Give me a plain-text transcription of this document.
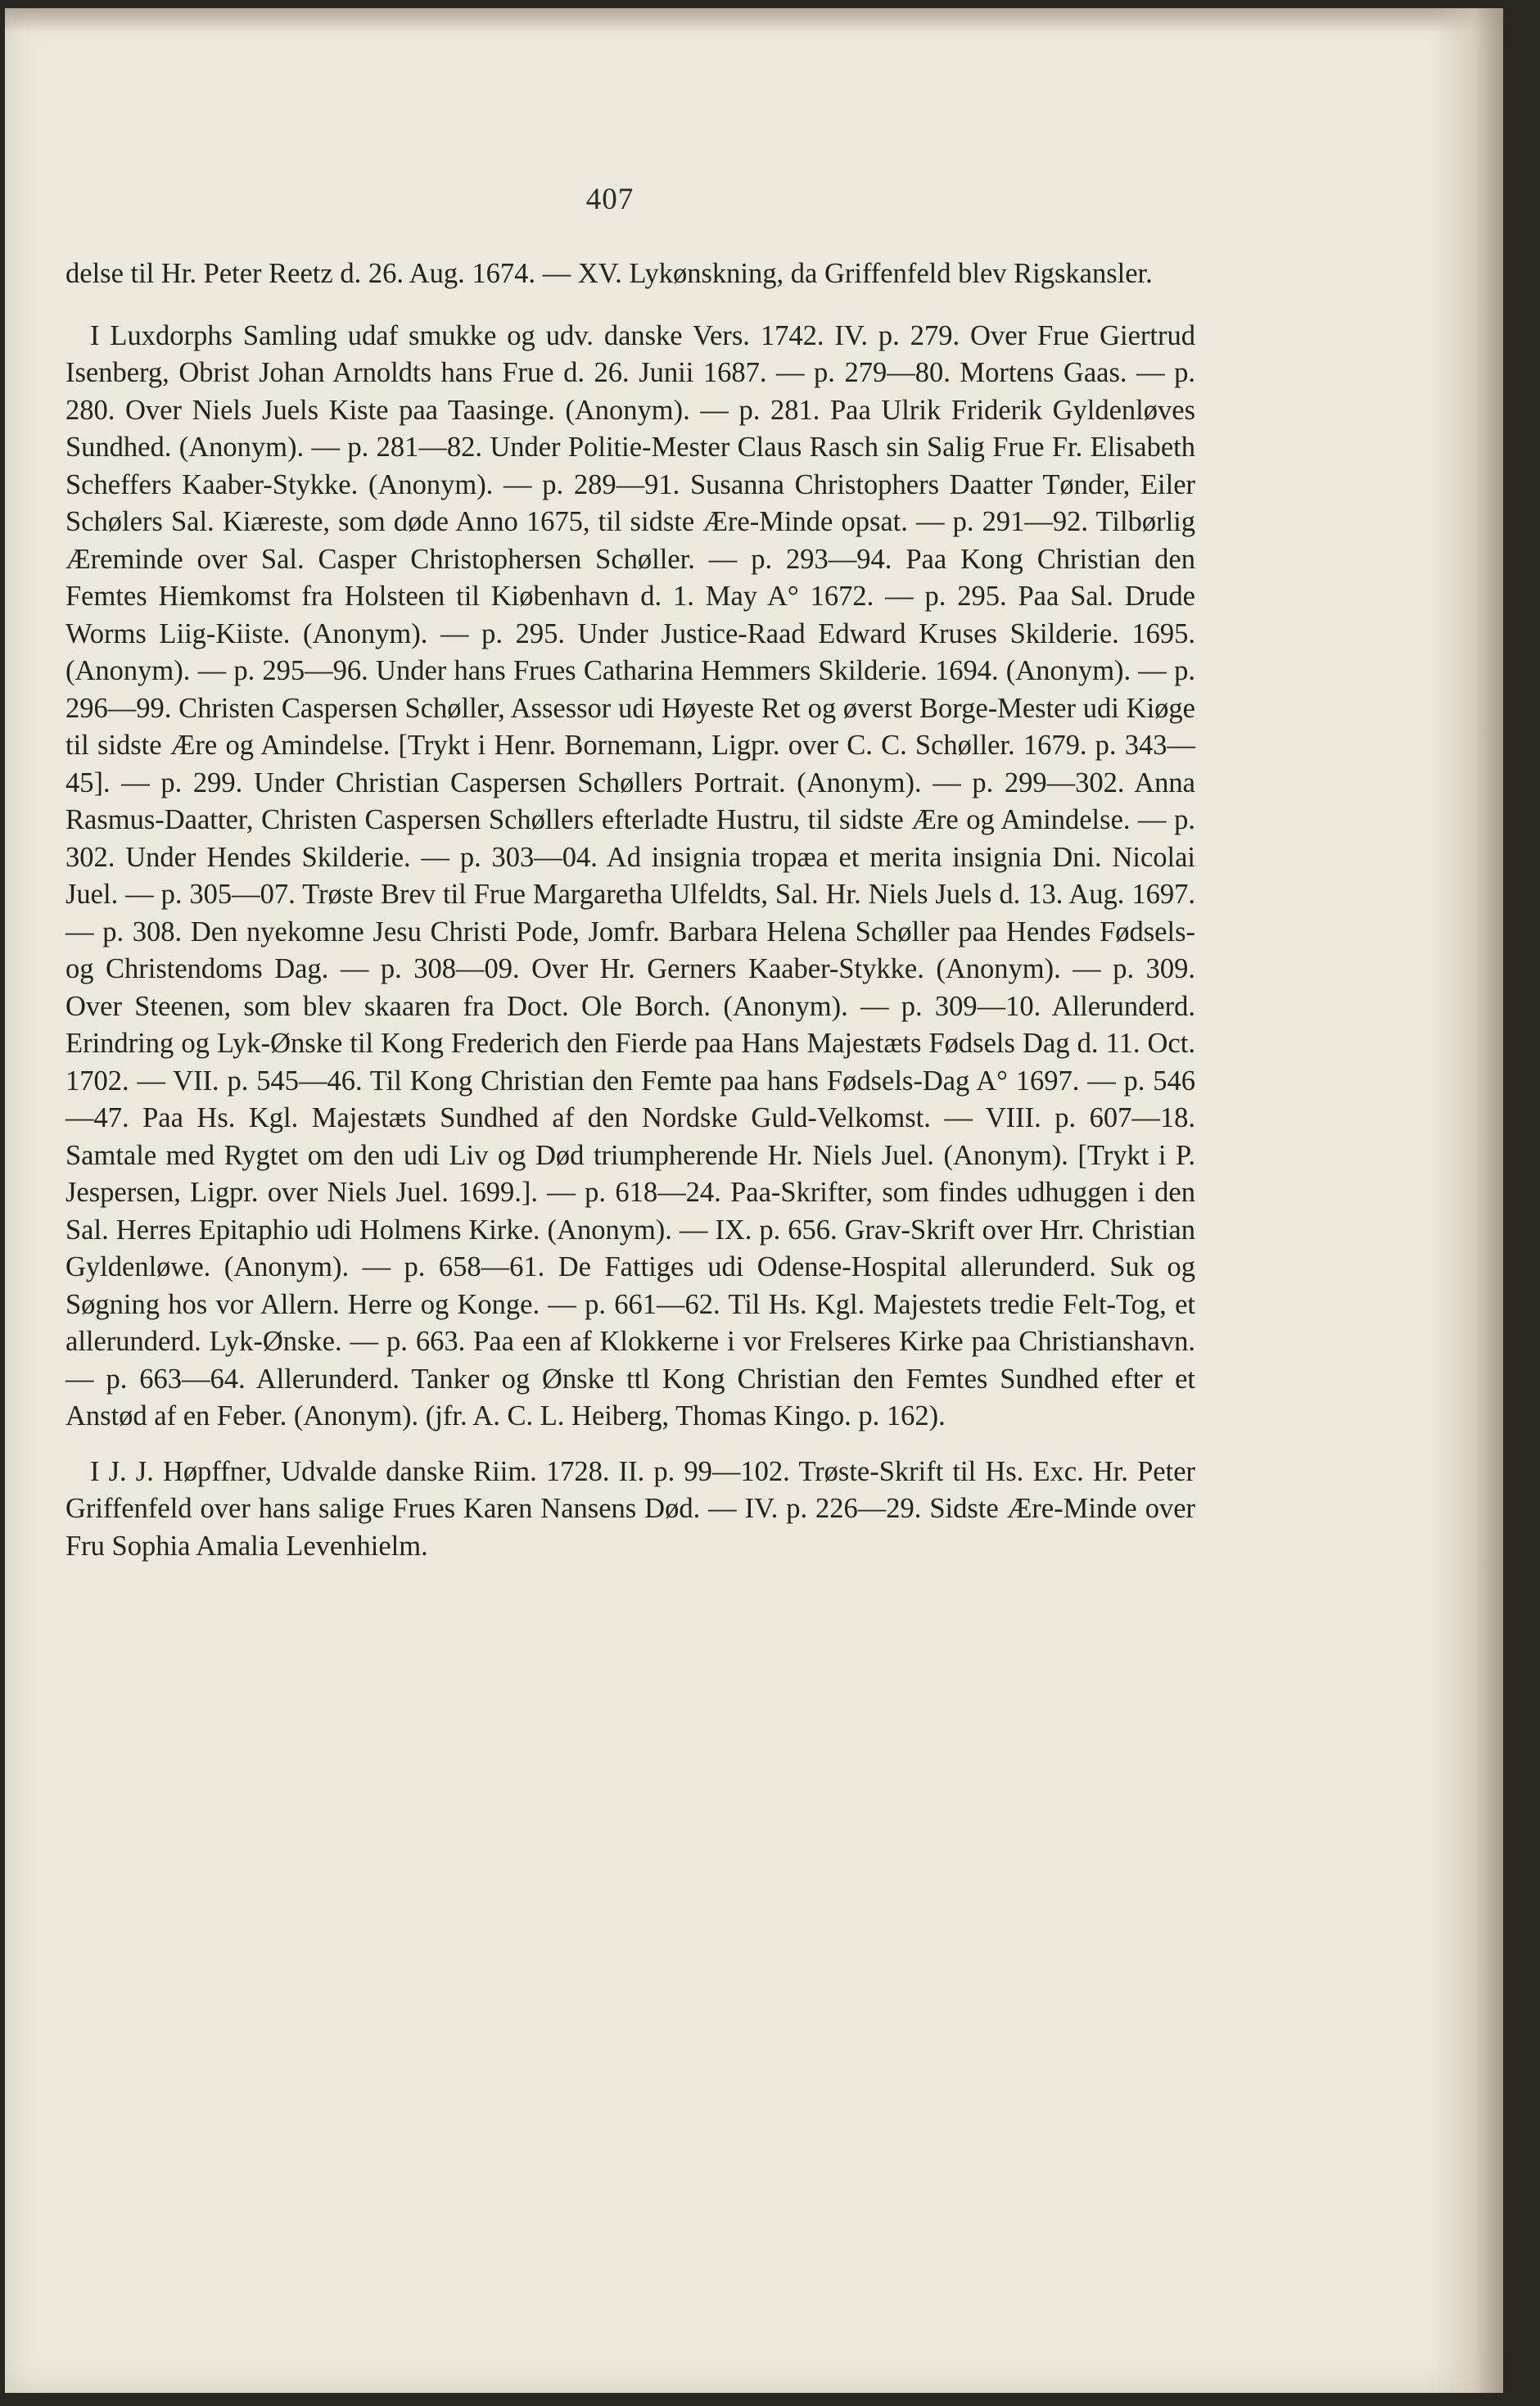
407

delse til Hr. Peter Reetz d. 26. Aug. 1674. — XV. Lykønskning, da Griffenfeld blev Rigskansler.

I Luxdorphs Samling udaf smukke og udv. danske Vers. 1742. IV. p. 279. Over Frue Giertrud Isenberg, Obrist Johan Arnoldts hans Frue d. 26. Junii 1687. — p. 279—80. Mortens Gaas. — p. 280. Over Niels Juels Kiste paa Taasinge. (Anonym). — p. 281. Paa Ulrik Friderik Gyldenløves Sundhed. (Anonym). — p. 281—82. Under Politie-Mester Claus Rasch sin Salig Frue Fr. Elisabeth Scheffers Kaaber-Stykke. (Anonym). — p. 289—91. Susanna Christophers Daatter Tønder, Eiler Schølers Sal. Kiæreste, som døde Anno 1675, til sidste Ære-Minde opsat. — p. 291—92. Tilbørlig Æreminde over Sal. Casper Christophersen Schøller. — p. 293—94. Paa Kong Christian den Femtes Hiemkomst fra Holsteen til Kiøbenhavn d. 1. May A° 1672. — p. 295. Paa Sal. Drude Worms Liig-Kiiste. (Anonym). — p. 295. Under Justice-Raad Edward Kruses Skilderie. 1695. (Anonym). — p. 295—96. Under hans Frues Catharina Hemmers Skilderie. 1694. (Anonym). — p. 296—99. Christen Caspersen Schøller, Assessor udi Høyeste Ret og øverst Borge-Mester udi Kiøge til sidste Ære og Amindelse. [Trykt i Henr. Bornemann, Ligpr. over C. C. Schøller. 1679. p. 343—45]. — p. 299. Under Christian Caspersen Schøllers Portrait. (Anonym). — p. 299—302. Anna Rasmus-Daatter, Christen Caspersen Schøllers efterladte Hustru, til sidste Ære og Amindelse. — p. 302. Under Hendes Skilderie. — p. 303—04. Ad insignia tropæa et merita insignia Dni. Nicolai Juel. — p. 305—07. Trøste Brev til Frue Margaretha Ulfeldts, Sal. Hr. Niels Juels d. 13. Aug. 1697. — p. 308. Den nyekomne Jesu Christi Pode, Jomfr. Barbara Helena Schøller paa Hendes Fødsels- og Christendoms Dag. — p. 308—09. Over Hr. Gerners Kaaber-Stykke. (Anonym). — p. 309. Over Steenen, som blev skaaren fra Doct. Ole Borch. (Anonym). — p. 309—10. Allerunderd. Erindring og Lyk-Ønske til Kong Frederich den Fierde paa Hans Majestæts Fødsels Dag d. 11. Oct. 1702. — VII. p. 545—46. Til Kong Christian den Femte paa hans Fødsels-Dag A° 1697. — p. 546—47. Paa Hs. Kgl. Majestæts Sundhed af den Nordske Guld-Velkomst. — VIII. p. 607—18. Samtale med Rygtet om den udi Liv og Død triumpherende Hr. Niels Juel. (Anonym). [Trykt i P. Jespersen, Ligpr. over Niels Juel. 1699.]. — p. 618—24. Paa-Skrifter, som findes udhuggen i den Sal. Herres Epitaphio udi Holmens Kirke. (Anonym). — IX. p. 656. Grav-Skrift over Hrr. Christian Gyldenløwe. (Anonym). — p. 658—61. De Fattiges udi Odense-Hospital allerunderd. Suk og Søgning hos vor Allern. Herre og Konge. — p. 661—62. Til Hs. Kgl. Majestets tredie Felt-Tog, et allerunderd. Lyk-Ønske. — p. 663. Paa een af Klokkerne i vor Frelseres Kirke paa Christianshavn. — p. 663—64. Allerunderd. Tanker og Ønske ttl Kong Christian den Femtes Sundhed efter et Anstød af en Feber. (Anonym). (jfr. A. C. L. Heiberg, Thomas Kingo. p. 162).

I J. J. Høpffner, Udvalde danske Riim. 1728. II. p. 99—102. Trøste-Skrift til Hs. Exc. Hr. Peter Griffenfeld over hans salige Frues Karen Nansens Død. — IV. p. 226—29. Sidste Ære-Minde over Fru Sophia Amalia Levenhielm.
